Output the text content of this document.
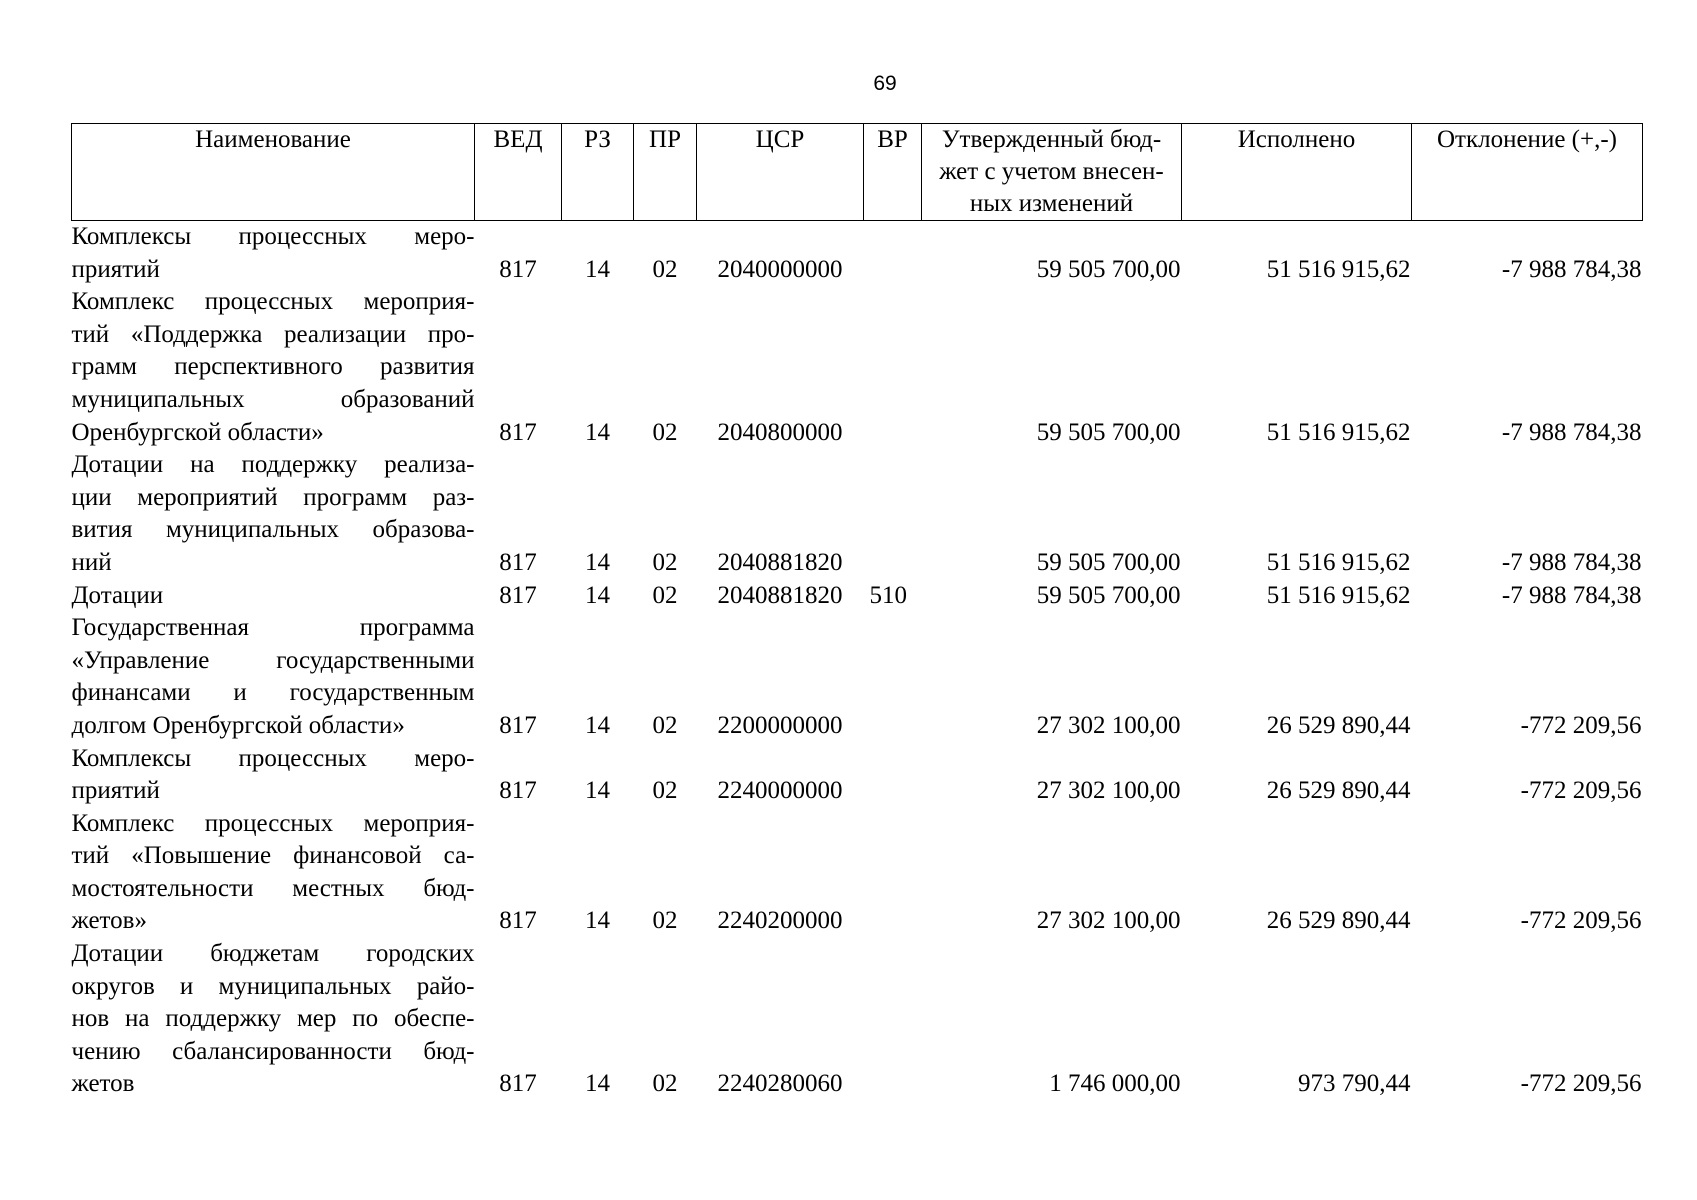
69
Наименование	ВЕД	РЗ	ПР	ЦСР	ВР	Утвержденный бюд-жет с учетом внесен-ных изменений	Исполнено	Отклонение (+,-)

Комплексы процессных меро-
приятий	817	14	02	2040000000		59 505 700,00	51 516 915,62	-7 988 784,38

Комплекс процессных мероприя-
тий «Поддержка реализации про-
грамм перспективного развития
муниципальных образований
Оренбургской области»	817	14	02	2040800000		59 505 700,00	51 516 915,62	-7 988 784,38

Дотации на поддержку реализа-
ции мероприятий программ раз-
вития муниципальных образова-
ний	817	14	02	2040881820		59 505 700,00	51 516 915,62	-7 988 784,38

Дотации	817	14	02	2040881820	510	59 505 700,00	51 516 915,62	-7 988 784,38

Государственная программа
«Управление государственными
финансами и государственным
долгом Оренбургской области»	817	14	02	2200000000		27 302 100,00	26 529 890,44	-772 209,56

Комплексы процессных меро-
приятий	817	14	02	2240000000		27 302 100,00	26 529 890,44	-772 209,56

Комплекс процессных мероприя-
тий «Повышение финансовой са-
мостоятельности местных бюд-
жетов»	817	14	02	2240200000		27 302 100,00	26 529 890,44	-772 209,56

Дотации бюджетам городских
округов и муниципальных райо-
нов на поддержку мер по обеспе-
чению сбалансированности бюд-
жетов	817	14	02	2240280060		1 746 000,00	973 790,44	-772 209,56
